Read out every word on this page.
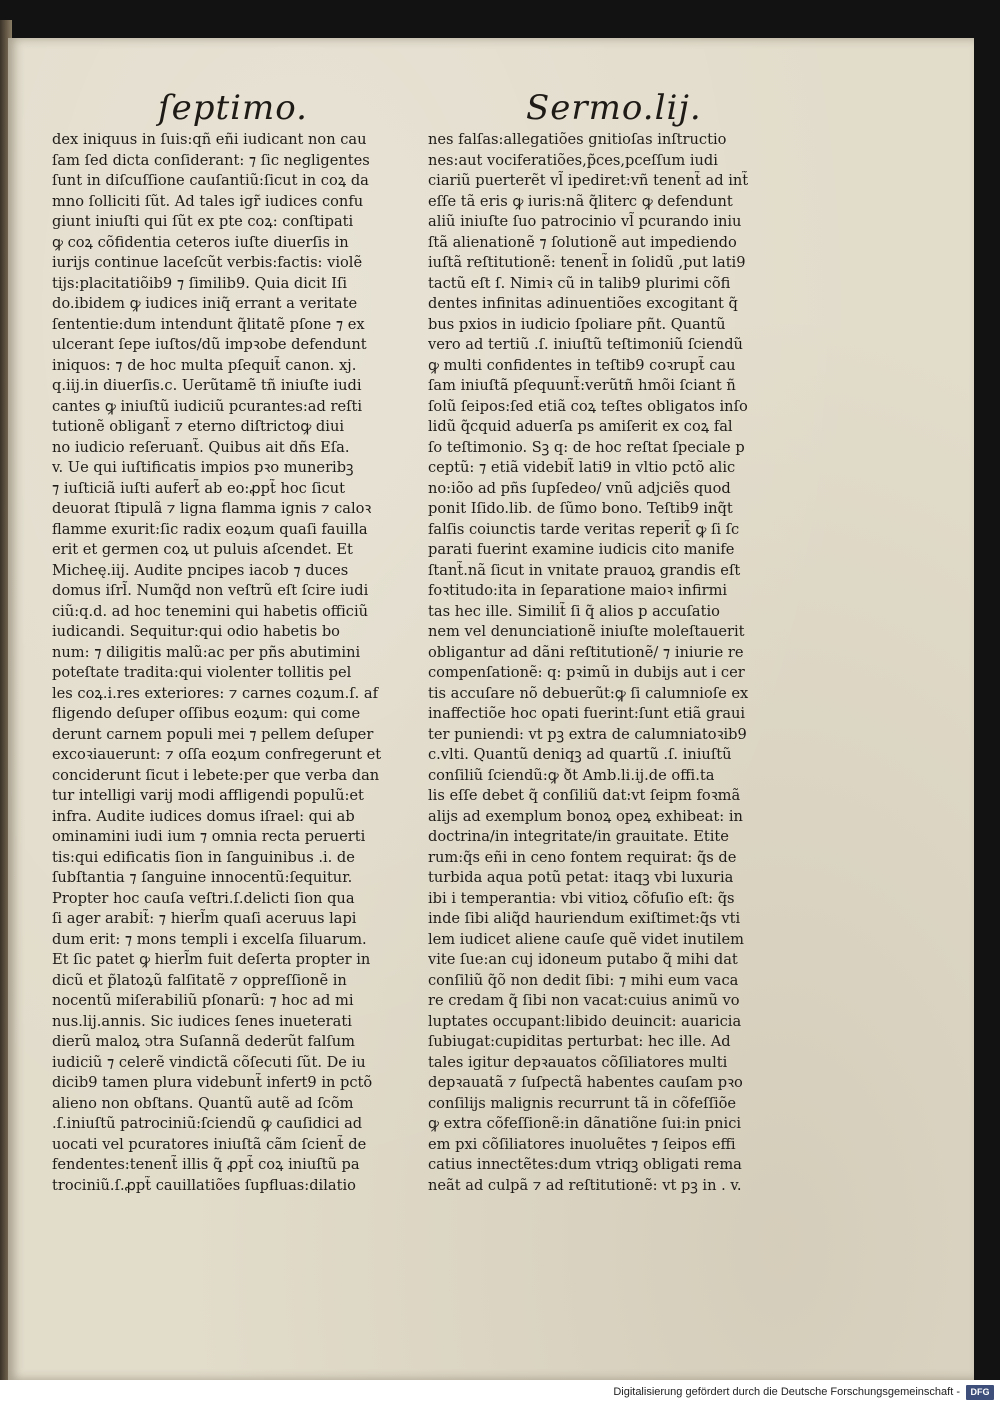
ſeptimo.	Sermo.lij.
dex iniquus in ſuis:qñ eñi iudicant non cau
ſam ſed dicta conſiderant: ⁊ ſic negligentes
ſunt in diſcuſſione cauſantiũ:ſicut in coꝝ da
mno ſolliciti ſũt. Ad tales igr̃ iudices confu
giunt iniuſti qui ſũt ex pte coꝝ: conſtipati
ꝙ coꝝ cõfidentia ceteros iuſte diuerſis in
iurijs continue laceſcũt verbis:factis: violẽ
tijs:placitatiõib9 ⁊ ſimilib9. Quia dicit Iſi
do.ibidem ꝙ iudices iniq̃ errant a veritate
ſententie:dum intendunt q̃litatẽ pſone ⁊ ex
ulcerant ſepe iuſtos/dũ impꝛobe defendunt
iniquos: ⁊ de hoc multa pſequit̃ canon. xj.
q.iij.in diuerſis.c. Uerũtamẽ tñ iniuſte iudi
cantes ꝙ iniuſtũ iudiciũ pcurantes:ad reſti
tutionẽ obligant̃ ⁊ eterno diſtrictoꝙ diui
no iudicio reſeruant̃. Quibus ait dñs Eſa.
v. Ue qui iuſtificatis impios pꝛo muneribꝫ
⁊ iuſticiã iuſti aufert̃ ab eo:ꝓpt̃ hoc ſicut
deuorat ſtipulã ⁊ ligna flamma ignis ⁊ caloꝛ
flamme exurit:ſic radix eoꝝum quaſi fauilla
erit et germen coꝝ ut puluis aſcendet. Et
Micheę.iij. Audite pncipes iacob ⁊ duces
domus iſrl̃. Numq̃d non veſtrũ eſt ſcire iudi
ciũ:q.d. ad hoc tenemini qui habetis officiũ
iudicandi. Sequitur:qui odio habetis bo
num: ⁊ diligitis malũ:ac per pñs abutimini
poteſtate tradita:qui violenter tollitis pel
les coꝝ.i.res exteriores: ⁊ carnes coꝝum.ſ. af
fligendo deſuper oſſibus eoꝝum: qui come
derunt carnem populi mei ⁊ pellem deſuper
excoꝛiauerunt: ⁊ oſſa eoꝝum confregerunt et
conciderunt ſicut i lebete:per que verba dan
tur intelligi varij modi affligendi populũ:et
infra. Audite iudices domus iſrael: qui ab
ominamini iudi ium ⁊ omnia recta peruerti
tis:qui edificatis ſion in ſanguinibus .i. de
ſubſtantia ⁊ ſanguine innocentũ:ſequitur.
Propter hoc cauſa veſtri.ſ.delicti ſion qua
ſi ager arabit̃: ⁊ hierl̃m quaſi aceruus lapi
dum erit: ⁊ mons templi i excelſa ſiluarum.
Et ſic patet ꝙ hierl̃m fuit deſerta propter in
dicũ et p̃latoꝝũ falſitatẽ ⁊ oppreſſionẽ in
nocentũ miſerabiliũ pſonarũ: ⁊ hoc ad mi
nus.lij.annis. Sic iudices ſenes inueterati
dierũ maloꝝ ↄtra Suſannã dederũt falſum
iudiciũ ⁊ celerẽ vindictã cõſecuti ſũt. De iu
dicib9 tamen plura videbunt̃ infert9 in pctõ
alieno non obſtans. Quantũ autẽ ad ſcõm
.ſ.iniuſtũ patrociniũ:ſciendũ ꝙ cauſidici ad
uocati vel pcuratores iniuſtã cãm ſcient̃ de
fendentes:tenent̃ illis q̃ ꝓpt̃ coꝝ iniuſtũ pa
trociniũ.ſ.ꝓpt̃ cauillatiões ſupfluas:dilatio
nes falſas:allegatiões gnitioſas inſtructio
nes:aut vociferatiões,p̃ces,pceſſum iudi
ciariũ puerterẽt vl̃ ipediret:vñ tenent̃ ad int̃
eſſe tã eris ꝙ iuris:nã q̃literc ꝙ defendunt
aliũ iniuſte ſuo patrocinio vl̃ pcurando iniu
ſtã alienationẽ ⁊ ſolutionẽ aut impediendo
iuſtã reſtitutionẽ: tenent̃ in ſolidũ ,put lati9
tactũ eſt ſ. Nimiꝛ cũ in talib9 plurimi cõfi
dentes infinitas adinuentiões excogitant q̃
bus pxios in iudicio ſpoliare pñt. Quantũ
vero ad tertiũ .ſ. iniuſtũ teſtimoniũ ſciendũ
ꝙ multi confidentes in teſtib9 coꝛrupt̃ cau
ſam iniuſtã pſequunt̃:verũtñ hmõi ſciant ñ
ſolũ ſeipos:ſed etiã coꝝ teſtes obligatos inſo
lidũ q̃cquid aduerſa ps amiſerit ex coꝝ fal
ſo teſtimonio. Sꝫ q: de hoc reſtat ſpeciale p
ceptũ: ⁊ etiã videbit̃ lati9 in vltio pctõ alic
no:iõo ad pñs ſupſedeo/ vnũ adjciẽs quod
ponit Iſido.lib. de ſũmo bono. Teſtib9 inq̃t
falſis coiunctis tarde veritas reperit̃ ꝙ ſi ſc
parati fuerint examine iudicis cito manife
ſtant̃.nã ſicut in vnitate prauoꝝ grandis eſt
foꝛtitudo:ita in ſeparatione maioꝛ infirmi
tas hec ille. Similit̃ ſi q̃ alios p accuſatio
nem vel denunciationẽ iniuſte moleſtauerit
obligantur ad dãni reſtitutionẽ/ ⁊ iniurie re
compenſationẽ: q: pꝛimũ in dubijs aut i cer
tis accuſare nõ debuerũt:ꝙ ſi calumnioſe ex
inaffectiõe hoc opati fuerint:ſunt etiã graui
ter puniendi: vt pꝫ extra de calumniatoꝛib9
c.vlti. Quantũ deniqꝫ ad quartũ .ſ. iniuſtũ
conſiliũ ſciendũ:ꝙ ðt Amb.li.ij.de offi.ta
lis eſſe debet q̃ conſiliũ dat:vt ſeipm foꝛmã
alijs ad exemplum bonoꝝ opeꝝ exhibeat: in
doctrina/in integritate/in grauitate. Etite
rum:q̃s eñi in ceno fontem requirat: q̃s de
turbida aqua potũ petat: itaqꝫ vbi luxuria
ibi i temperantia: vbi vitioꝝ cõfuſio eſt: q̃s
inde ſibi aliq̃d hauriendum exiſtimet:q̃s vti
lem iudicet aliene cauſe quẽ videt inutilem
vite ſue:an cuj idoneum putabo q̃ mihi dat
conſiliũ q̃õ non dedit ſibi: ⁊ mihi eum vaca
re credam q̃ ſibi non vacat:cuius animũ vo
luptates occupant:libido deuincit: auaricia
ſubiugat:cupiditas perturbat: hec ille. Ad
tales igitur depꝛauatos cõſiliatores multi
depꝛauatã ⁊ ſuſpectã habentes cauſam pꝛo
conſilijs malignis recurrunt tã in cõfeſſiõe
ꝙ extra cõfeſſionẽ:in dãnatiõne ſui:in pnici
em pxi cõſiliatores inuoluẽtes ⁊ ſeipos effi
catius innectẽtes:dum vtriqꝫ obligati rema
neãt ad culpã ⁊ ad reſtitutionẽ: vt pꝫ in . v.
Digitalisierung gefördert durch die Deutsche Forschungsgemeinschaft -	DFG
